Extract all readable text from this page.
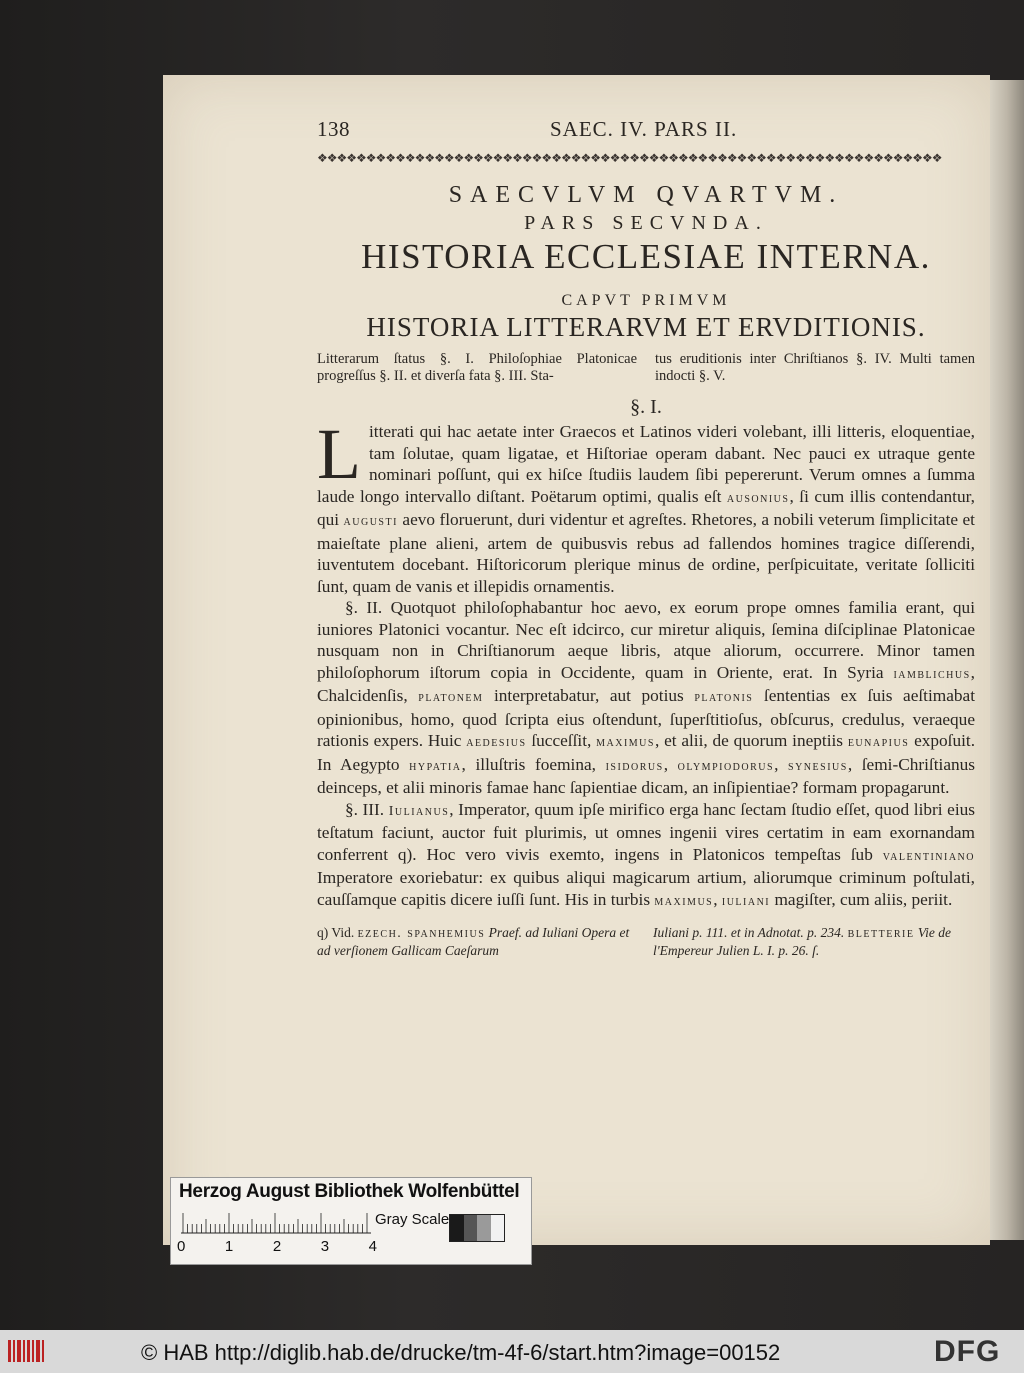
138	SAEC. IV. PARS II.
❖❖❖❖❖❖❖❖❖❖❖❖❖❖❖❖❖❖❖❖❖❖❖❖❖❖❖❖❖❖❖❖❖❖❖❖❖❖❖❖❖❖❖❖❖❖❖❖❖❖❖❖❖❖❖❖❖❖❖❖❖❖❖❖
SAECVLVM QVARTVM.
PARS SECVNDA.
HISTORIA ECCLESIAE INTERNA.
CAPVT PRIMVM
HISTORIA LITTERARVM ET ERVDITIONIS.
Litterarum ſtatus §. I. Philoſophiae Platonicae progreſſus §. II. et diverſa fata §. III. Sta-
tus eruditionis inter Chriſtianos §. IV. Multi tamen indocti §. V.
§. I.

Litterati qui hac aetate inter Graecos et Latinos videri volebant, illi litteris, eloquentiae, tam ſolutae, quam ligatae, et Hiſtoriae operam dabant. Nec pauci ex utraque gente nominari poſſunt, qui ex hiſce ſtudiis laudem ſibi pepererunt. Verum omnes a ſumma laude longo intervallo diſtant. Poëtarum optimi, qualis eſt ausonius, ſi cum illis contendantur, qui augusti aevo floruerunt, duri videntur et agreſtes. Rhetores, a nobili veterum ſimplicitate et maieſtate plane alieni, artem de quibusvis rebus ad fallendos homines tragice diſſerendi, iuventutem docebant. Hiſtoricorum plerique minus de ordine, perſpicuitate, veritate ſolliciti ſunt, quam de vanis et illepidis ornamentis.

§. II. Quotquot philoſophabantur hoc aevo, ex eorum prope omnes familia erant, qui iuniores Platonici vocantur. Nec eſt idcirco, cur miretur aliquis, ſemina diſciplinae Platonicae nusquam non in Chriſtianorum aeque libris, atque aliorum, occurrere. Minor tamen philoſophorum iſtorum copia in Occidente, quam in Oriente, erat. In Syria iamblichus, Chalcidenſis, platonem interpretabatur, aut potius platonis ſententias ex ſuis aeſtimabat opinionibus, homo, quod ſcripta eius oſtendunt, ſuperſtitioſus, obſcurus, credulus, veraeque rationis expers. Huic aedesius ſucceſſit, maximus, et alii, de quorum ineptiis eunapius expoſuit. In Aegypto hypatia, illuſtris foemina, isidorus, olympiodorus, synesius, ſemi-Chriſtianus deinceps, et alii minoris famae hanc ſapientiae dicam, an inſipientiae? formam propagarunt.

§. III. Iulianus, Imperator, quum ipſe mirifico erga hanc ſectam ſtudio eſſet, quod libri eius teſtatum faciunt, auctor fuit plurimis, ut omnes ingenii vires certatim in eam exornandam conferrent q). Hoc vero vivis exemto, ingens in Platonicos tempeſtas ſub valentiniano Imperatore exoriebatur: ex quibus aliqui magicarum artium, aliorumque criminum poſtulati, cauſſamque capitis dicere iuſſi ſunt. His in turbis maximus, iuliani magiſter, cum aliis, periit.

q) Vid. ezech. spanhemius Praef. ad Iuliani Opera et ad verſionem Gallicam Caeſarum
Iuliani p. 111. et in Adnotat. p. 234. bletterie Vie de l'Empereur Julien L. I. p. 26. ſ.
Herzog August Bibliothek Wolfenbüttel
0	1	2	3	4
Gray Scale
© HAB http://diglib.hab.de/drucke/tm-4f-6/start.htm?image=00152	DFG
